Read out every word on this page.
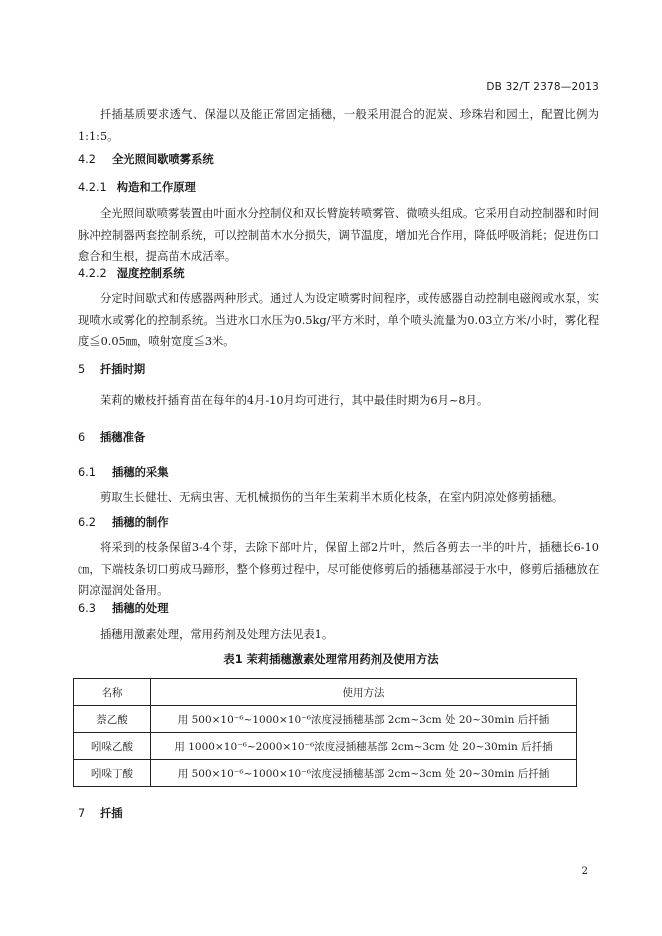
DB 32/T 2378—2013
扦插基质要求透气、保湿以及能正常固定插穗，一般采用混合的泥炭、珍珠岩和园土，配置比例为1:1:5。
4.2 全光照间歇喷雾系统
4.2.1 构造和工作原理
全光照间歇喷雾装置由叶面水分控制仪和双长臂旋转喷雾管、微喷头组成。它采用自动控制器和时间脉冲控制器两套控制系统，可以控制苗木水分损失，调节温度，增加光合作用，降低呼吸消耗；促进伤口愈合和生根，提高苗木成活率。
4.2.2 湿度控制系统
分定时间歇式和传感器两种形式。通过人为设定喷雾时间程序，或传感器自动控制电磁阀或水泵，实现喷水或雾化的控制系统。当进水口水压为0.5kg/平方米时，单个喷头流量为0.03立方米/小时，雾化程度≦0.05㎜，喷射宽度≦3米。
5 扦插时期
茉莉的嫩枝扦插育苗在每年的4月-10月均可进行，其中最佳时期为6月~8月。
6 插穗准备
6.1 插穗的采集
剪取生长健壮、无病虫害、无机械损伤的当年生茉莉半木质化枝条，在室内阴凉处修剪插穗。
6.2 插穗的制作
将采到的枝条保留3-4个芽，去除下部叶片，保留上部2片叶，然后各剪去一半的叶片，插穗长6-10㎝，下端枝条切口剪成马蹄形，整个修剪过程中，尽可能使修剪后的插穗基部浸于水中，修剪后插穗放在阴凉湿润处备用。
6.3 插穗的处理
插穗用激素处理，常用药剂及处理方法见表1。
表1 茉莉插穗激素处理常用药剂及使用方法
名称	使用方法
萘乙酸	用 500×10⁻⁶~1000×10⁻⁶浓度浸插穗基部 2cm~3cm 处 20~30min 后扦插
吲哚乙酸	用 1000×10⁻⁶~2000×10⁻⁶浓度浸插穗基部 2cm~3cm 处 20~30min 后扦插
吲哚丁酸	用 500×10⁻⁶~1000×10⁻⁶浓度浸插穗基部 2cm~3cm 处 20~30min 后扦插
7 扦插
2
